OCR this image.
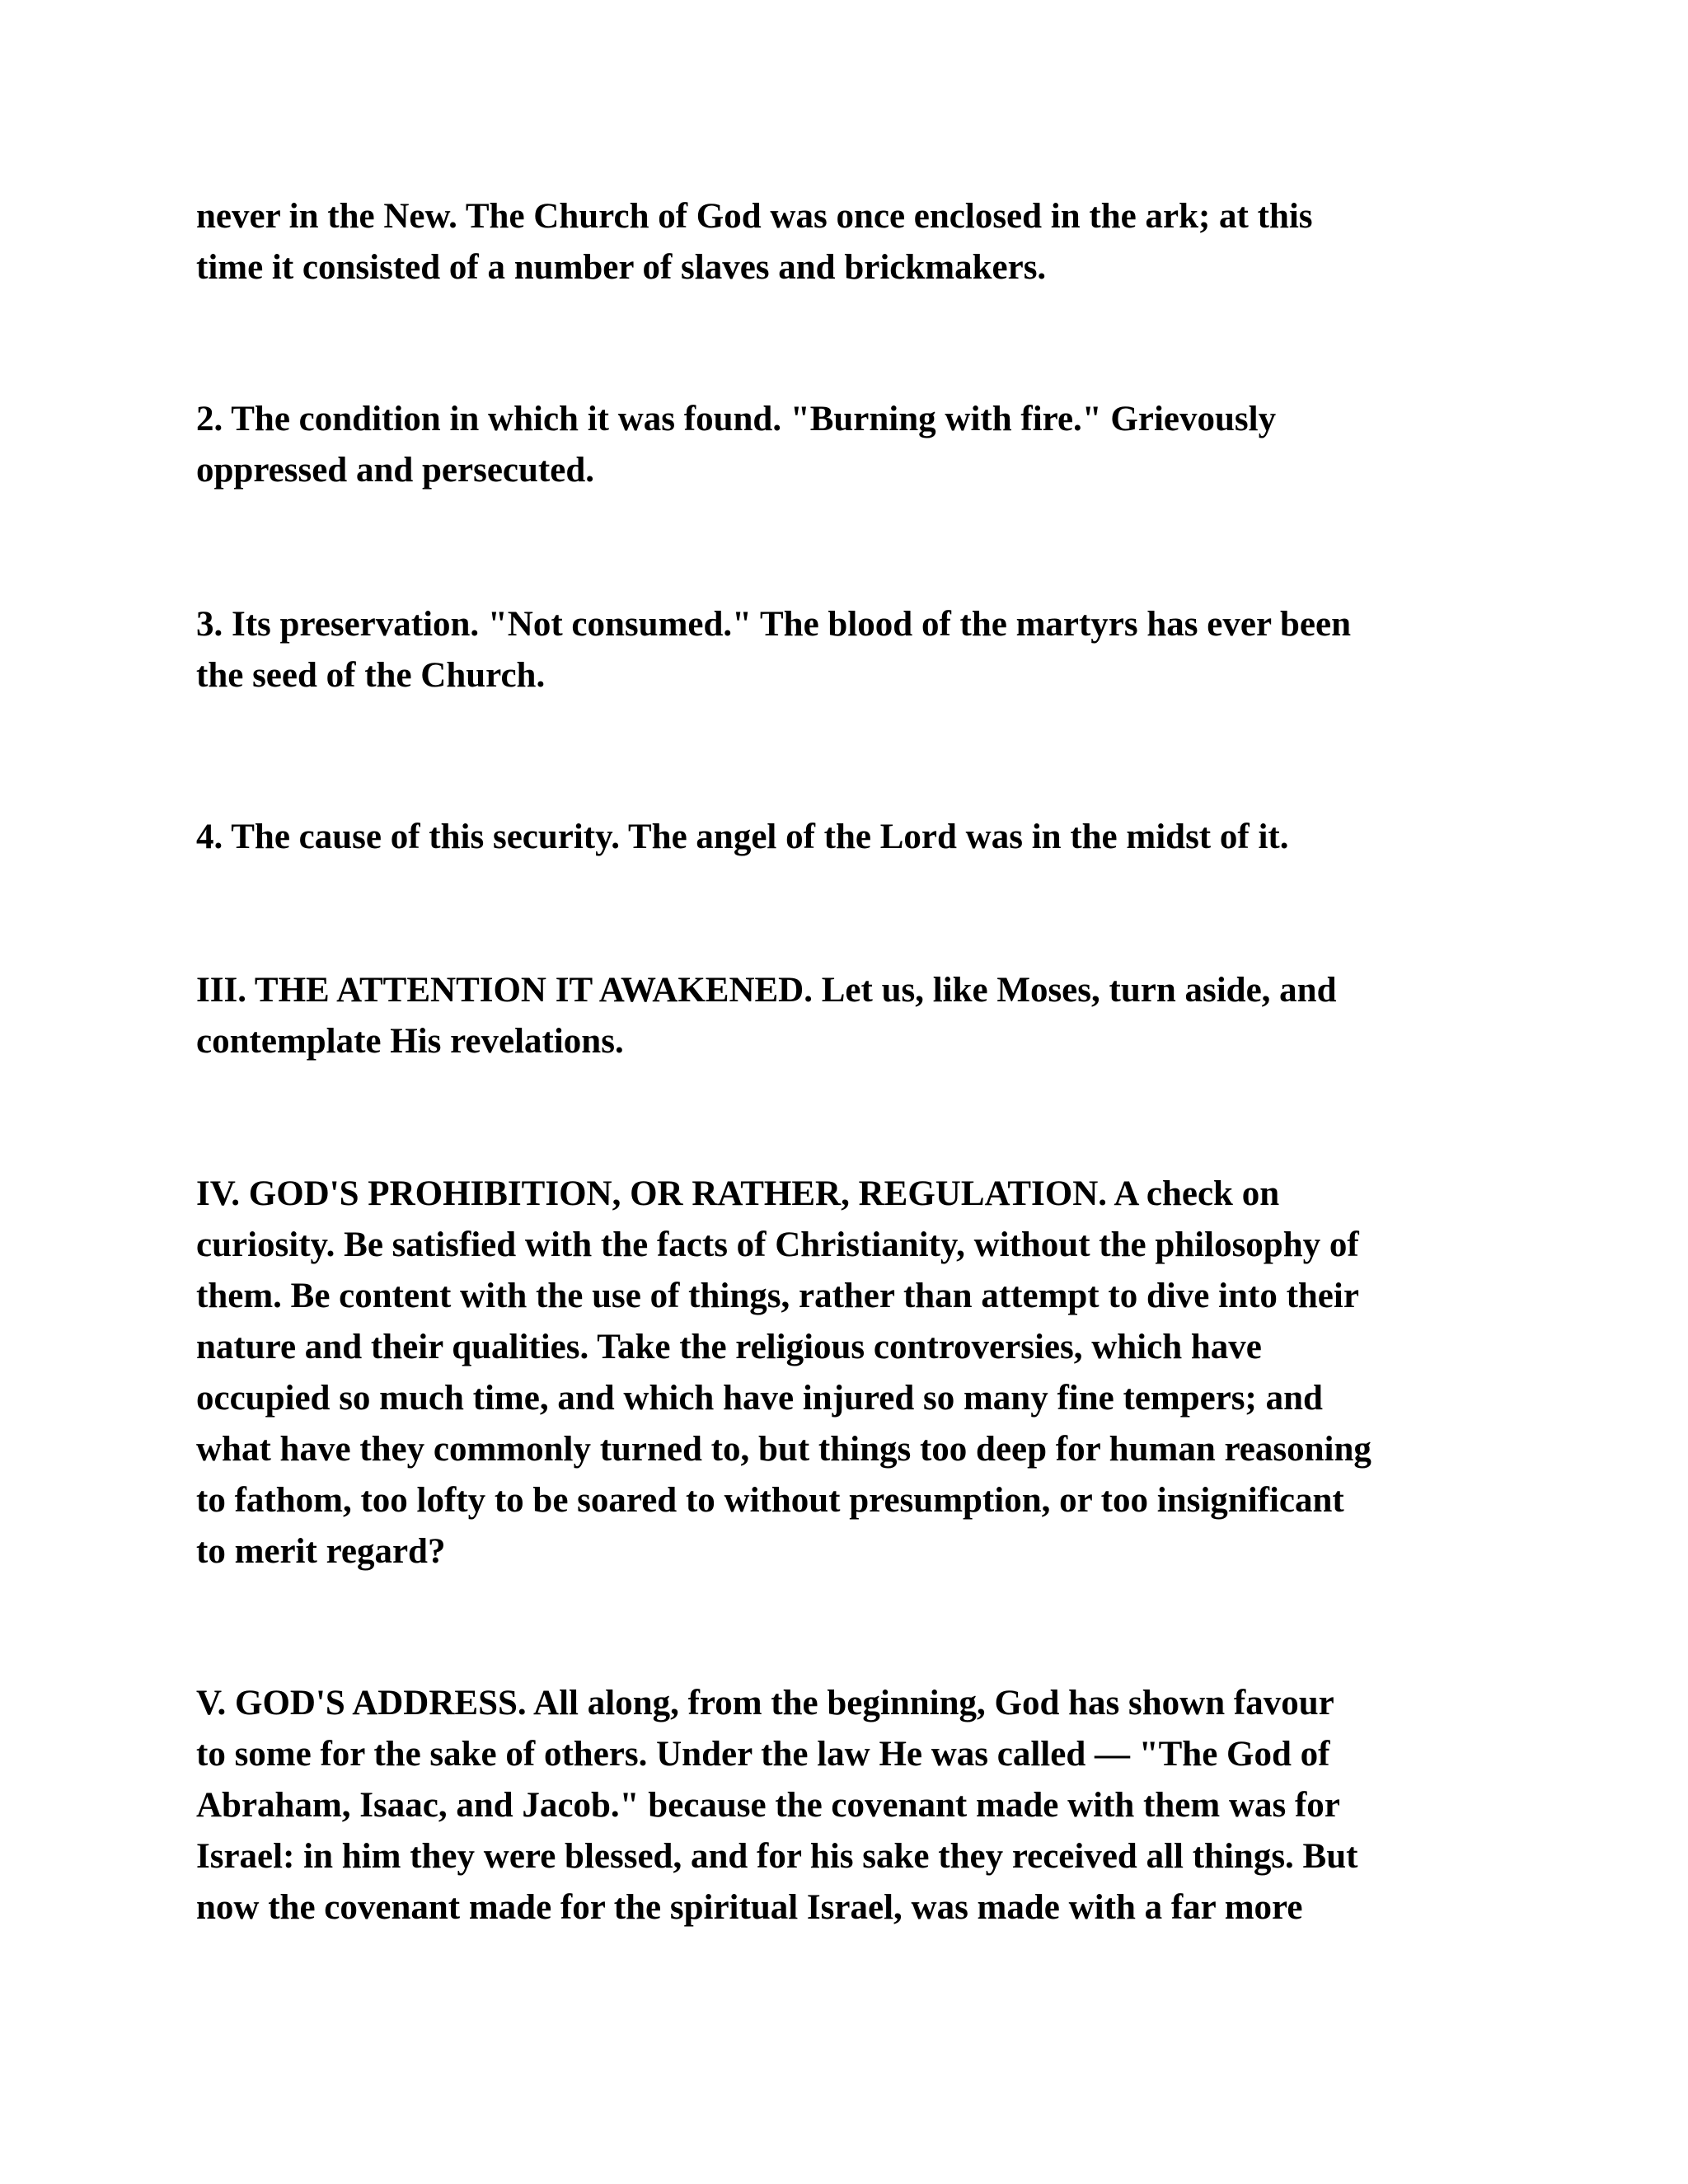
never in the New. The Church of God was once enclosed in the ark; at this
time it consisted of a number of slaves and brickmakers.
2. The condition in which it was found. "Burning with fire." Grievously
oppressed and persecuted.
3. Its preservation. "Not consumed." The blood of the martyrs has ever been
the seed of the Church.
4. The cause of this security. The angel of the Lord was in the midst of it.
III. THE ATTENTION IT AWAKENED. Let us, like Moses, turn aside, and
contemplate His revelations.
IV. GOD'S PROHIBITION, OR RATHER, REGULATION. A check on
curiosity. Be satisfied with the facts of Christianity, without the philosophy of
them. Be content with the use of things, rather than attempt to dive into their
nature and their qualities. Take the religious controversies, which have
occupied so much time, and which have injured so many fine tempers; and
what have they commonly turned to, but things too deep for human reasoning
to fathom, too lofty to be soared to without presumption, or too insignificant
to merit regard?
V. GOD'S ADDRESS. All along, from the beginning, God has shown favour
to some for the sake of others. Under the law He was called — "The God of
Abraham, Isaac, and Jacob." because the covenant made with them was for
Israel: in him they were blessed, and for his sake they received all things. But
now the covenant made for the spiritual Israel, was made with a far more
